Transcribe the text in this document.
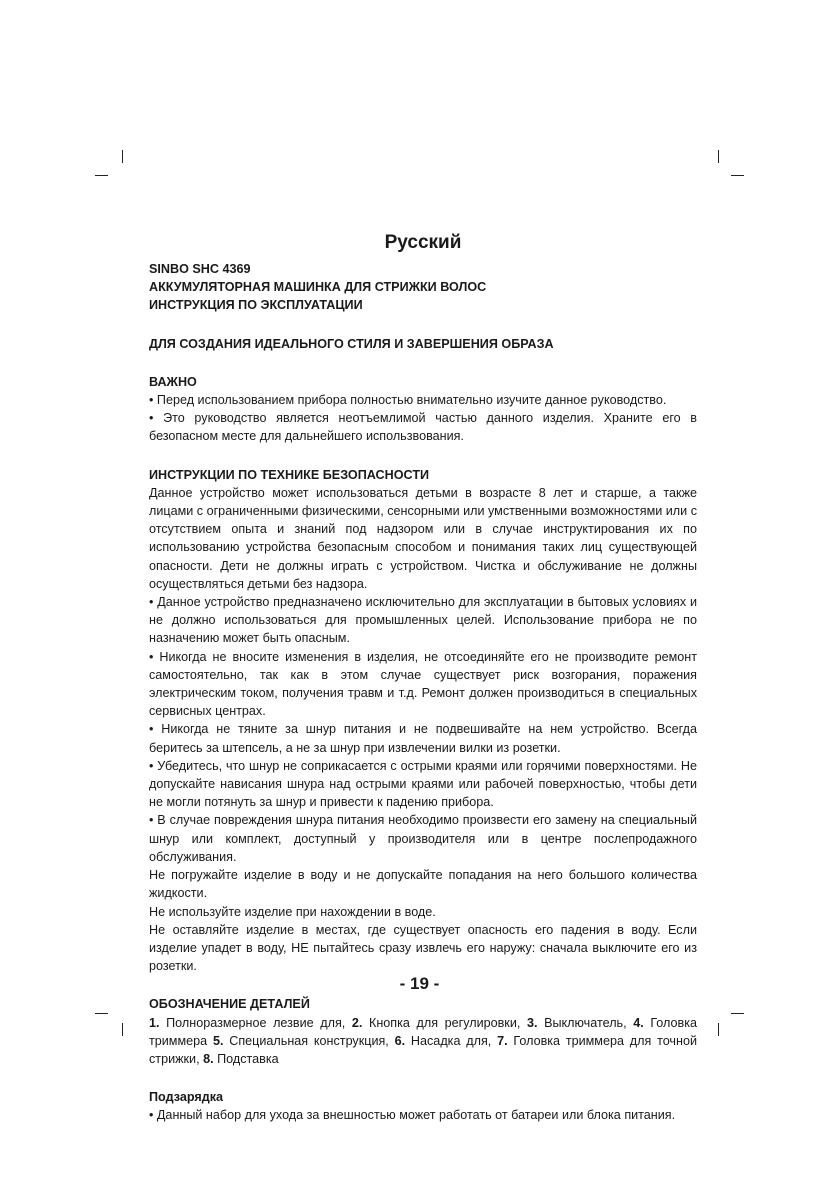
Русский
SINBO SHC 4369
АККУМУЛЯТОРНАЯ МАШИНКА ДЛЯ СТРИЖКИ ВОЛОС
ИНСТРУКЦИЯ ПО ЭКСПЛУАТАЦИИ
ДЛЯ СОЗДАНИЯ ИДЕАЛЬНОГО СТИЛЯ И ЗАВЕРШЕНИЯ ОБРАЗА
ВАЖНО

• Перед использованием прибора полностью внимательно изучите данное руководство.

• Это руководство является неотъемлимой частью данного изделия. Храните его в безопасном месте для дальнейшего использвования.

ИНСТРУКЦИИ ПО ТЕХНИКЕ БЕЗОПАСНОСТИ

Данное устройство может использоваться детьми в возрасте 8 лет и старше, а также лицами с ограниченными физическими, сенсорными или умственными возможностями или с отсутствием опыта и знаний под надзором или в случае инструктирования их по использованию устройства безопасным способом и понимания таких лиц существующей опасности. Дети не должны играть с устройством. Чистка и обслуживание не должны осуществляться детьми без надзора.

• Данное устройство предназначено исключительно для эксплуатации в бытовых условиях и не должно использоваться для промышленных целей. Использование прибора не по назначению может быть опасным.

• Никогда не вносите изменения в изделия, не отсоединяйте его не производите ремонт самостоятельно, так как в этом случае существует риск возгорания, поражения электрическим током, получения травм и т.д. Ремонт должен производиться в специальных сервисных центрах.

• Никогда не тяните за шнур питания и не подвешивайте на нем устройство. Всегда беритесь за штепсель, а не за шнур при извлечении вилки из розетки.

• Убедитесь, что шнур не соприкасается с острыми краями или горячими поверхностями. Не допускайте нависания шнура над острыми краями или рабочей поверхностью, чтобы дети не могли потянуть за шнур и привести к падению прибора.

• В случае повреждения шнура питания необходимо произвести его замену на специальный шнур или комплект, доступный у производителя или в центре послепродажного обслуживания.

Не погружайте изделие в воду и не допускайте попадания на него большого количества жидкости.

Не используйте изделие при нахождении в воде.

Не оставляйте изделие в местах, где существует опасность его падения в воду. Если изделие упадет в воду, НЕ пытайтесь сразу извлечь его наружу: сначала выключите его из розетки.

ОБОЗНАЧЕНИЕ ДЕТАЛЕЙ

1. Полноразмерное лезвие для, 2. Кнопка для регулировки, 3. Выключатель, 4. Головка триммера 5. Специальная конструкция, 6. Насадка для, 7. Головка триммера для точной стрижки, 8. Подставка

Подзарядка

• Данный набор для ухода за внешностью может работать от батареи или блока питания.

- 19 -
